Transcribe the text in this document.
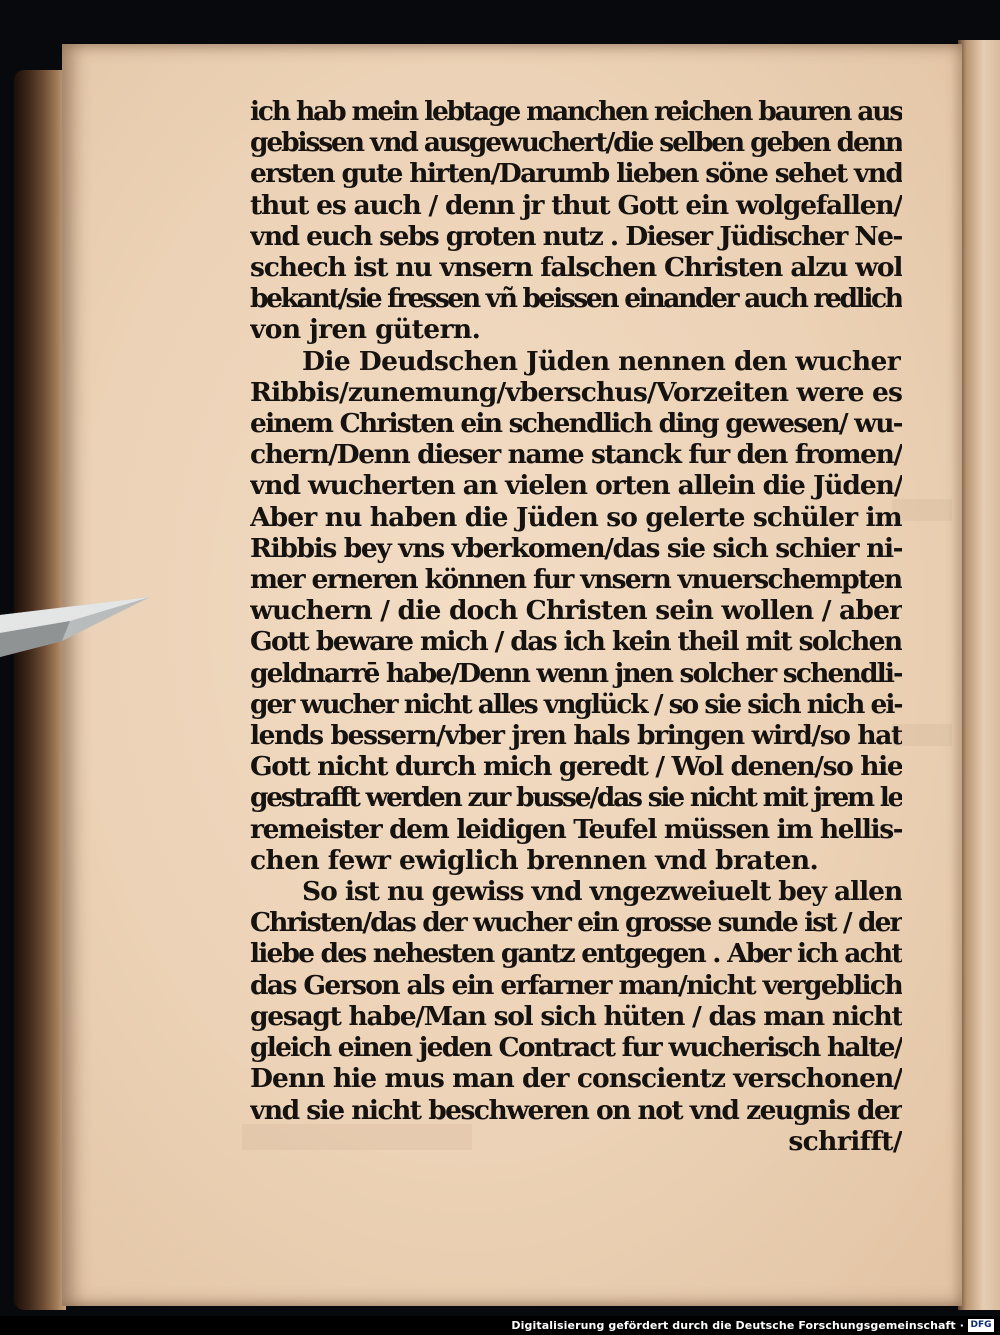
ich hab mein lebtage manchen reichen bauren aus
gebissen vnd ausgewuchert/die selben geben denn
ersten gute hirten/Darumb lieben söne sehet vnd
thut es auch / denn jr thut Gott ein wolgefallen/
vnd euch sebs groten nutz . Dieser Jüdischer Ne-
schech ist nu vnsern falschen Christen alzu wol
bekant/sie fressen vñ beissen einander auch redlich
von jren gütern.
Die Deudschen Jüden nennen den wucher
Ribbis/zunemung/vberschus/Vorzeiten were es
einem Christen ein schendlich ding gewesen/ wu-
chern/Denn dieser name stanck fur den fromen/
vnd wucherten an vielen orten allein die Jüden/
Aber nu haben die Jüden so gelerte schüler im
Ribbis bey vns vberkomen/das sie sich schier ni-
mer erneren können fur vnsern vnuerschempten
wuchern / die doch Christen sein wollen / aber
Gott beware mich / das ich kein theil mit solchen
geldnarrē habe/Denn wenn jnen solcher schendli-
ger wucher nicht alles vnglück / so sie sich nich ei-
lends bessern/vber jren hals bringen wird/so hat
Gott nicht durch mich geredt / Wol denen/so hie
gestrafft werden zur busse/das sie nicht mit jrem le
remeister dem leidigen Teufel müssen im hellis-
chen fewr ewiglich brennen vnd braten.
So ist nu gewiss vnd vngezweiuelt bey allen
Christen/das der wucher ein grosse sunde ist / der
liebe des nehesten gantz entgegen . Aber ich acht
das Gerson als ein erfarner man/nicht vergeblich
gesagt habe/Man sol sich hüten / das man nicht
gleich einen jeden Contract fur wucherisch halte/
Denn hie mus man der conscientz verschonen/
vnd sie nicht beschweren on not vnd zeugnis der
schrifft/
Digitalisierung gefördert durch die Deutsche Forschungsgemeinschaft · DFG
